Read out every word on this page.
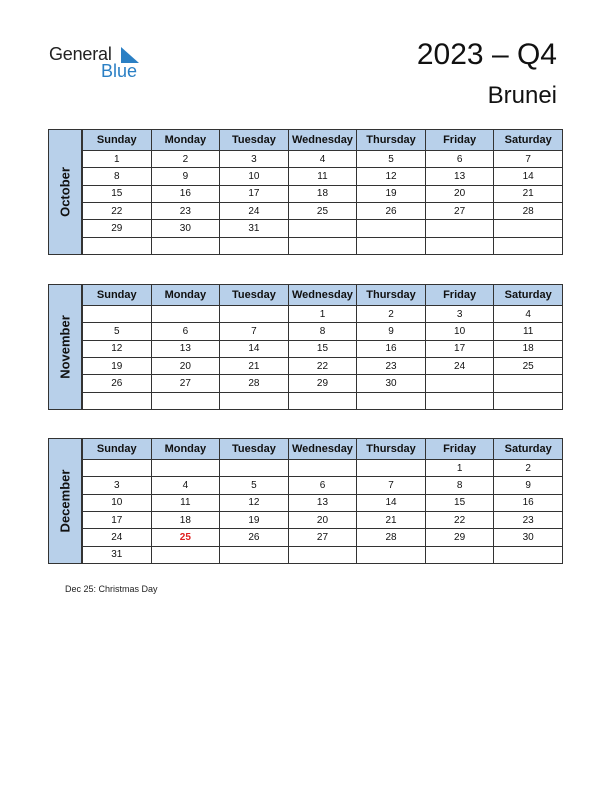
General
Blue	2023 – Q4
Brunei
October
Sunday	Monday	Tuesday	Wednesday	Thursday	Friday	Saturday
1	2	3	4	5	6	7
8	9	10	11	12	13	14
15	16	17	18	19	20	21
22	23	24	25	26	27	28
29	30	31				

November
Sunday	Monday	Tuesday	Wednesday	Thursday	Friday	Saturday
			1	2	3	4
5	6	7	8	9	10	11
12	13	14	15	16	17	18
19	20	21	22	23	24	25
26	27	28	29	30		

December
Sunday	Monday	Tuesday	Wednesday	Thursday	Friday	Saturday
					1	2
3	4	5	6	7	8	9
10	11	12	13	14	15	16
17	18	19	20	21	22	23
24	25	26	27	28	29	30
31						
Dec 25: Christmas Day
